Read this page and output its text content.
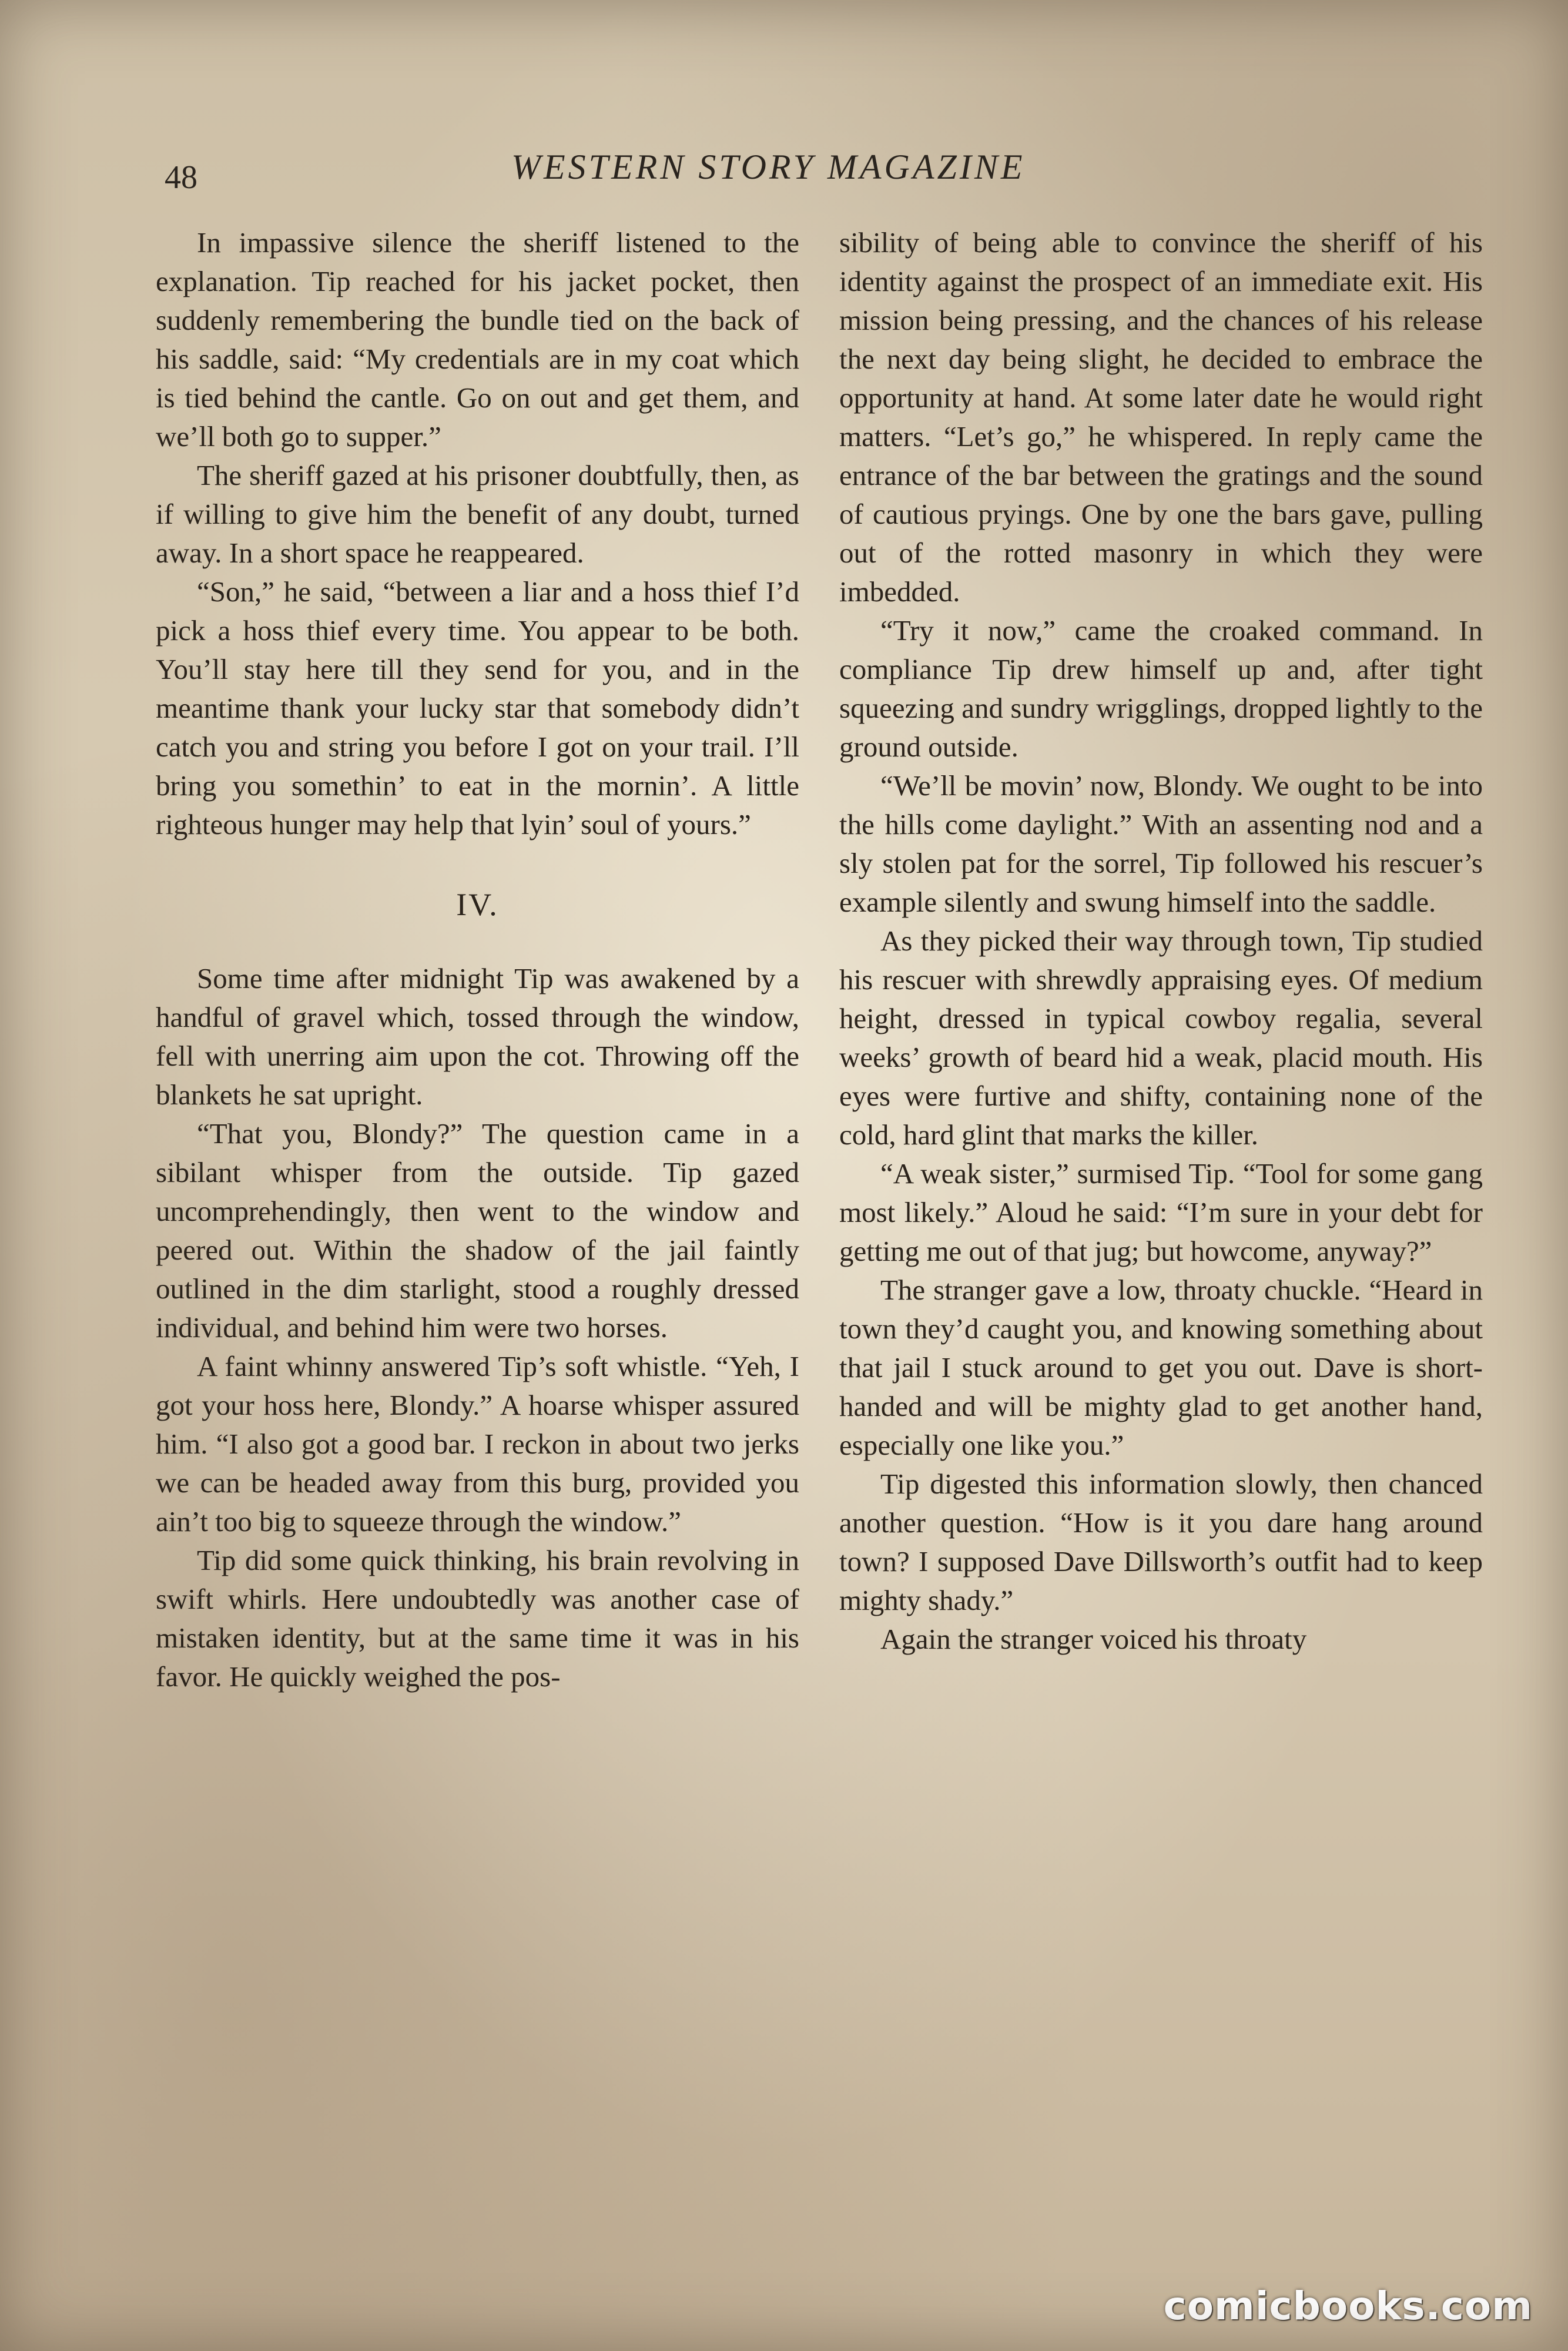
48	WESTERN STORY MAGAZINE

In impassive silence the sheriff listened to the explanation. Tip reached for his jacket pocket, then suddenly remembering the bundle tied on the back of his saddle, said: “My credentials are in my coat which is tied behind the cantle. Go on out and get them, and we’ll both go to supper.”

The sheriff gazed at his prisoner doubtfully, then, as if willing to give him the benefit of any doubt, turned away. In a short space he reappeared.

“Son,” he said, “between a liar and a hoss thief I’d pick a hoss thief every time. You appear to be both. You’ll stay here till they send for you, and in the meantime thank your lucky star that somebody didn’t catch you and string you before I got on your trail. I’ll bring you somethin’ to eat in the mornin’. A little righteous hunger may help that lyin’ soul of yours.”

IV.

Some time after midnight Tip was awakened by a handful of gravel which, tossed through the window, fell with unerring aim upon the cot. Throwing off the blankets he sat upright.

“That you, Blondy?” The question came in a sibilant whisper from the outside. Tip gazed uncomprehendingly, then went to the window and peered out. Within the shadow of the jail faintly outlined in the dim starlight, stood a roughly dressed individual, and behind him were two horses.

A faint whinny answered Tip’s soft whistle. “Yeh, I got your hoss here, Blondy.” A hoarse whisper assured him. “I also got a good bar. I reckon in about two jerks we can be headed away from this burg, provided you ain’t too big to squeeze through the window.”

Tip did some quick thinking, his brain revolving in swift whirls. Here undoubtedly was another case of mistaken identity, but at the same time it was in his favor. He quickly weighed the pos-

sibility of being able to convince the sheriff of his identity against the prospect of an immediate exit. His mission being pressing, and the chances of his release the next day being slight, he decided to embrace the opportunity at hand. At some later date he would right matters. “Let’s go,” he whispered. In reply came the entrance of the bar between the gratings and the sound of cautious pryings. One by one the bars gave, pulling out of the rotted masonry in which they were imbedded.

“Try it now,” came the croaked command. In compliance Tip drew himself up and, after tight squeezing and sundry wrigglings, dropped lightly to the ground outside.

“We’ll be movin’ now, Blondy. We ought to be into the hills come daylight.” With an assenting nod and a sly stolen pat for the sorrel, Tip followed his rescuer’s example silently and swung himself into the saddle.

As they picked their way through town, Tip studied his rescuer with shrewdly appraising eyes. Of medium height, dressed in typical cowboy regalia, several weeks’ growth of beard hid a weak, placid mouth. His eyes were furtive and shifty, containing none of the cold, hard glint that marks the killer.

“A weak sister,” surmised Tip. “Tool for some gang most likely.” Aloud he said: “I’m sure in your debt for getting me out of that jug; but howcome, anyway?”

The stranger gave a low, throaty chuckle. “Heard in town they’d caught you, and knowing something about that jail I stuck around to get you out. Dave is short-handed and will be mighty glad to get another hand, especially one like you.”

Tip digested this information slowly, then chanced another question. “How is it you dare hang around town? I supposed Dave Dillsworth’s outfit had to keep mighty shady.”

Again the stranger voiced his throaty

comicbooks.com
